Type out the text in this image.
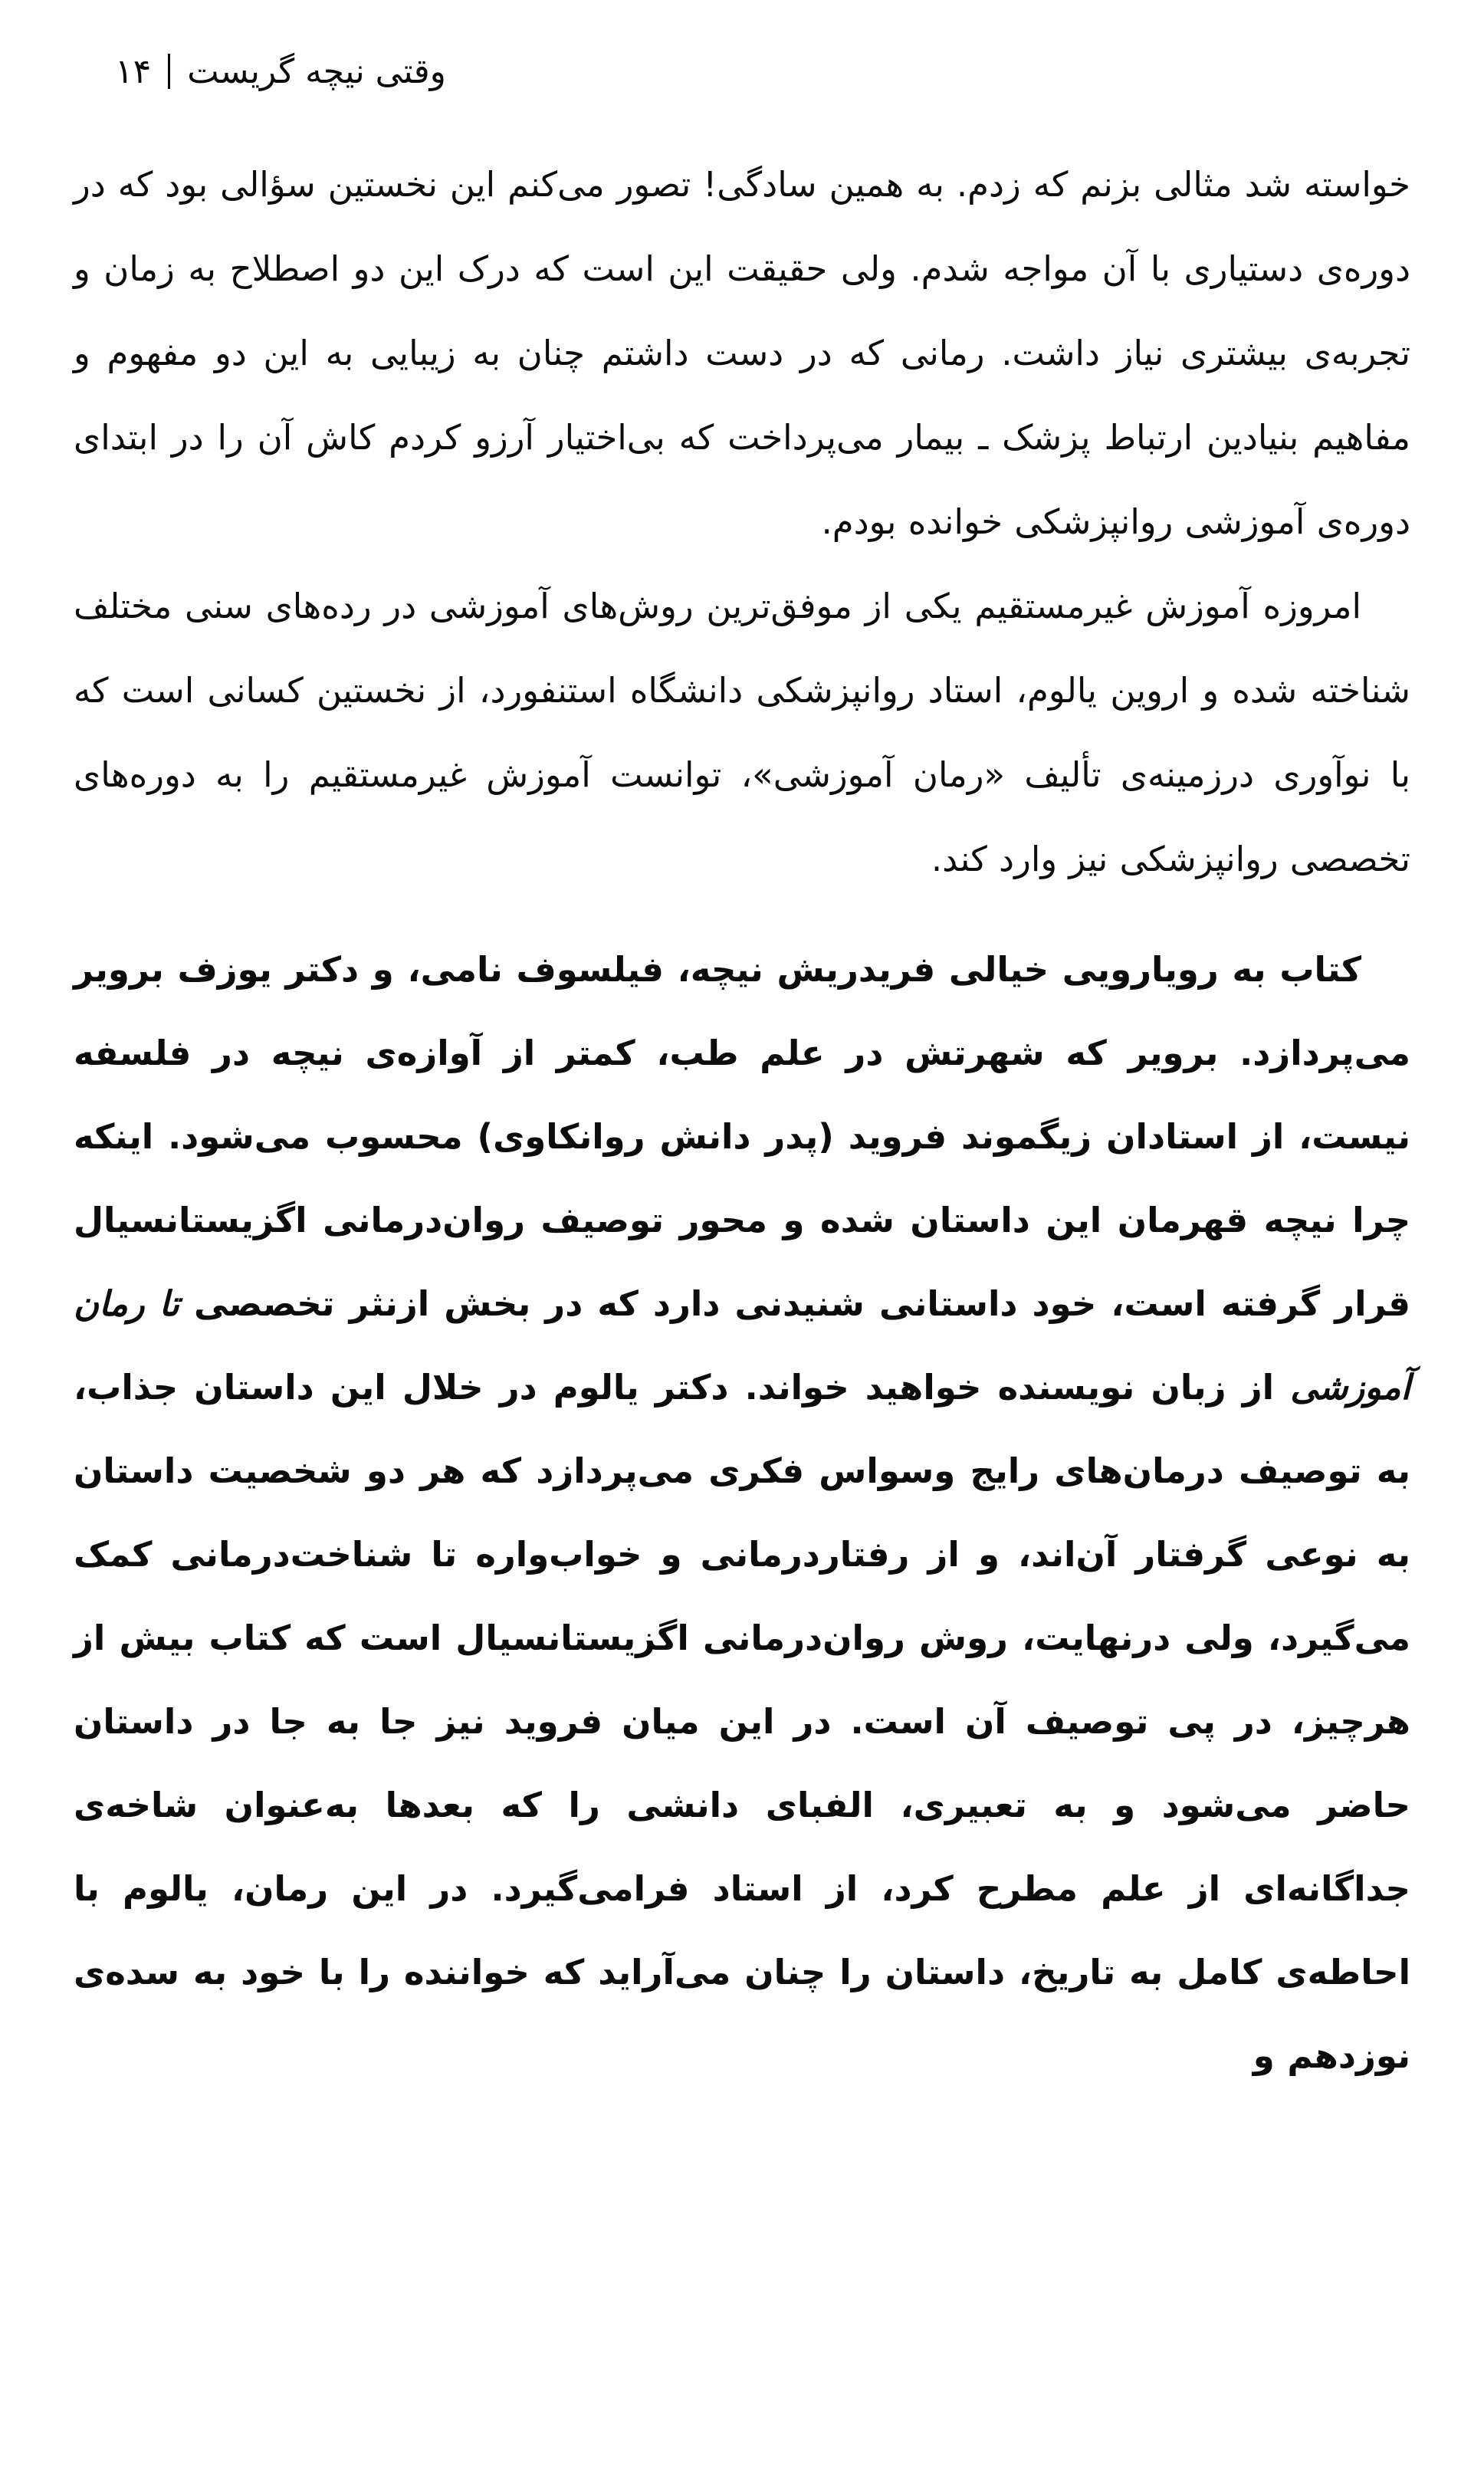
وقتی نیچه گریست
۱۴

خواسته شد مثالی بزنم که زدم. به همین سادگی! تصور می‌کنم این نخستین سؤالی بود که در دوره‌ی دستیاری با آن مواجه شدم. ولی حقیقت این است که درک این دو اصطلاح به زمان و تجربه‌ی بیشتری نیاز داشت. رمانی که در دست داشتم چنان به زیبایی به این دو مفهوم و مفاهیم بنیادین ارتباط پزشک ـ بیمار می‌پرداخت که بی‌اختیار آرزو کردم کاش آن را در ابتدای دوره‌ی آموزشی روانپزشکی خوانده بودم.

امروزه آموزش غیرمستقیم یکی از موفق‌ترین روش‌های آموزشی در رده‌های سنی مختلف شناخته شده و اروین یالوم، استاد روانپزشکی دانشگاه استنفورد، از نخستین کسانی است که با نوآوری درزمینه‌ی تألیف «رمان آموزشی»، توانست آموزش غیرمستقیم را به دوره‌های تخصصی روانپزشکی نیز وارد کند.

کتاب به رویارویی خیالی فریدریش نیچه، فیلسوف نامی، و دکتر یوزف برویر می‌پردازد. برویر که شهرتش در علم طب، کمتر از آوازه‌ی نیچه در فلسفه نیست، از استادان زیگموند فروید (پدر دانش روانکاوی) محسوب می‌شود. اینکه چرا نیچه قهرمان این داستان شده و محور توصیف روان‌درمانی اگزیستانسیال قرار گرفته است، خود داستانی شنیدنی دارد که در بخش ازنثر تخصصی تا رمان آموزشی از زبان نویسنده خواهید خواند. دکتر یالوم در خلال این داستان جذاب، به توصیف درمان‌های رایج وسواس فکری می‌پردازد که هر دو شخصیت داستان به نوعی گرفتار آن‌اند، و از رفتاردرمانی و خواب‌واره تا شناخت‌درمانی کمک می‌گیرد، ولی درنهایت، روش روان‌درمانی اگزیستانسیال است که کتاب بیش از هرچیز، در پی توصیف آن است. در این میان فروید نیز جا به جا در داستان حاضر می‌شود و به تعبیری، الفبای دانشی را که بعدها به‌عنوان شاخه‌ی جداگانه‌ای از علم مطرح کرد، از استاد فرامی‌گیرد. در این رمان، یالوم با احاطه‌ی کامل به تاریخ، داستان را چنان می‌آراید که خواننده را با خود به سده‌ی نوزدهم و
